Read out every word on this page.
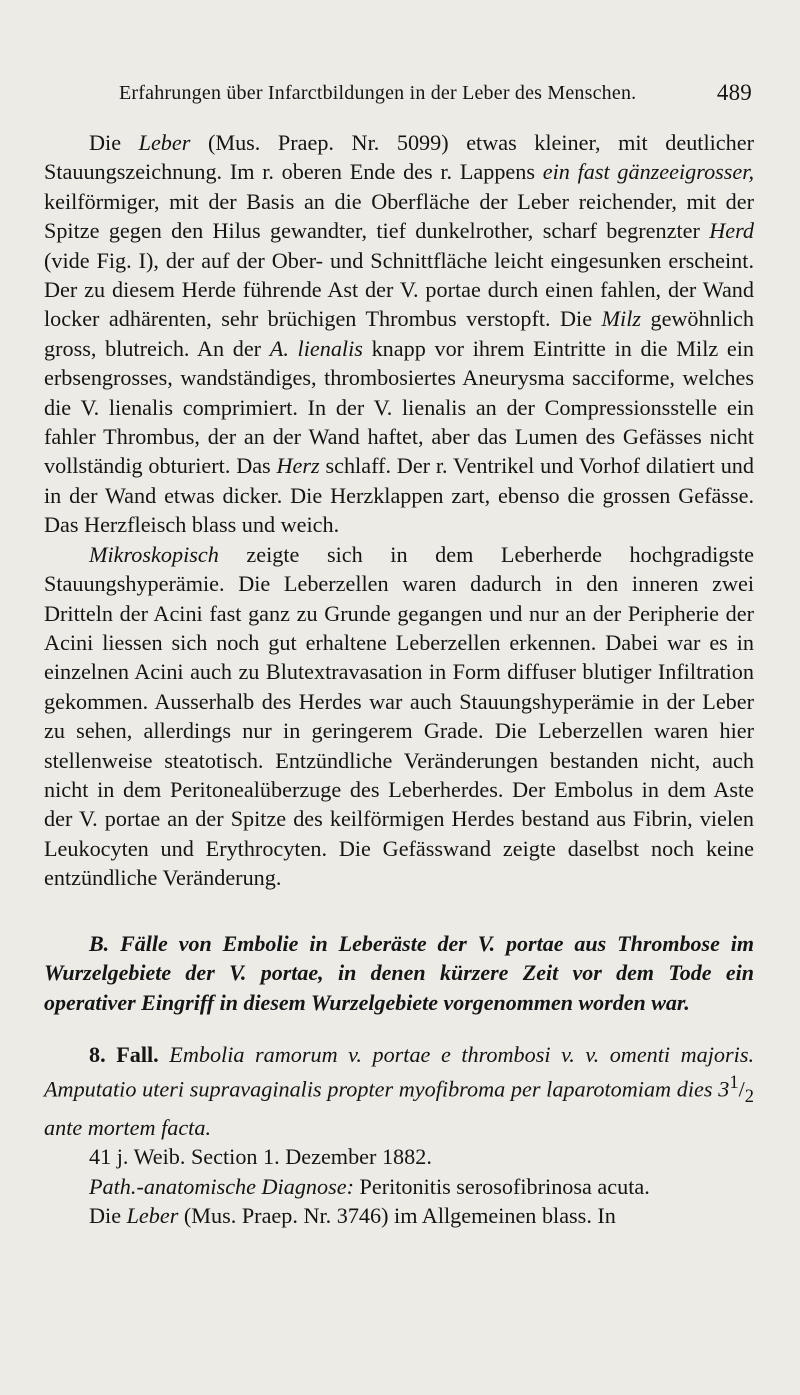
Erfahrungen über Infarctbildungen in der Leber des Menschen.	489

Die Leber (Mus. Praep. Nr. 5099) etwas kleiner, mit deutlicher Stauungszeichnung. Im r. oberen Ende des r. Lappens ein fast gänzeeigrosser, keilförmiger, mit der Basis an die Oberfläche der Leber reichender, mit der Spitze gegen den Hilus gewandter, tief dunkelrother, scharf begrenzter Herd (vide Fig. I), der auf der Ober- und Schnittfläche leicht eingesunken erscheint. Der zu diesem Herde führende Ast der V. portae durch einen fahlen, der Wand locker adhärenten, sehr brüchigen Thrombus verstopft. Die Milz gewöhnlich gross, blutreich. An der A. lienalis knapp vor ihrem Eintritte in die Milz ein erbsengrosses, wandständiges, thrombosiertes Aneurysma sacciforme, welches die V. lienalis comprimiert. In der V. lienalis an der Compressionsstelle ein fahler Thrombus, der an der Wand haftet, aber das Lumen des Gefässes nicht vollständig obturiert. Das Herz schlaff. Der r. Ventrikel und Vorhof dilatiert und in der Wand etwas dicker. Die Herzklappen zart, ebenso die grossen Gefässe. Das Herzfleisch blass und weich.

Mikroskopisch zeigte sich in dem Leberherde hochgradigste Stauungshyperämie. Die Leberzellen waren dadurch in den inneren zwei Dritteln der Acini fast ganz zu Grunde gegangen und nur an der Peripherie der Acini liessen sich noch gut erhaltene Leberzellen erkennen. Dabei war es in einzelnen Acini auch zu Blutextravasation in Form diffuser blutiger Infiltration gekommen. Ausserhalb des Herdes war auch Stauungshyperämie in der Leber zu sehen, allerdings nur in geringerem Grade. Die Leberzellen waren hier stellenweise steatotisch. Entzündliche Veränderungen bestanden nicht, auch nicht in dem Peritonealüberzuge des Leberherdes. Der Embolus in dem Aste der V. portae an der Spitze des keilförmigen Herdes bestand aus Fibrin, vielen Leukocyten und Erythrocyten. Die Gefässwand zeigte daselbst noch keine entzündliche Veränderung.

B. Fälle von Embolie in Leberäste der V. portae aus Thrombose im Wurzelgebiete der V. portae, in denen kürzere Zeit vor dem Tode ein operativer Eingriff in diesem Wurzelgebiete vorgenommen worden war.

8. Fall. Embolia ramorum v. portae e thrombosi v. v. omenti majoris. Amputatio uteri supravaginalis propter myofibroma per laparotomiam dies $3^1/_2$ ante mortem facta.

41 j. Weib. Section 1. Dezember 1882.

Path.-anatomische Diagnose: Peritonitis serosofibrinosa acuta.

Die Leber (Mus. Praep. Nr. 3746) im Allgemeinen blass. In
